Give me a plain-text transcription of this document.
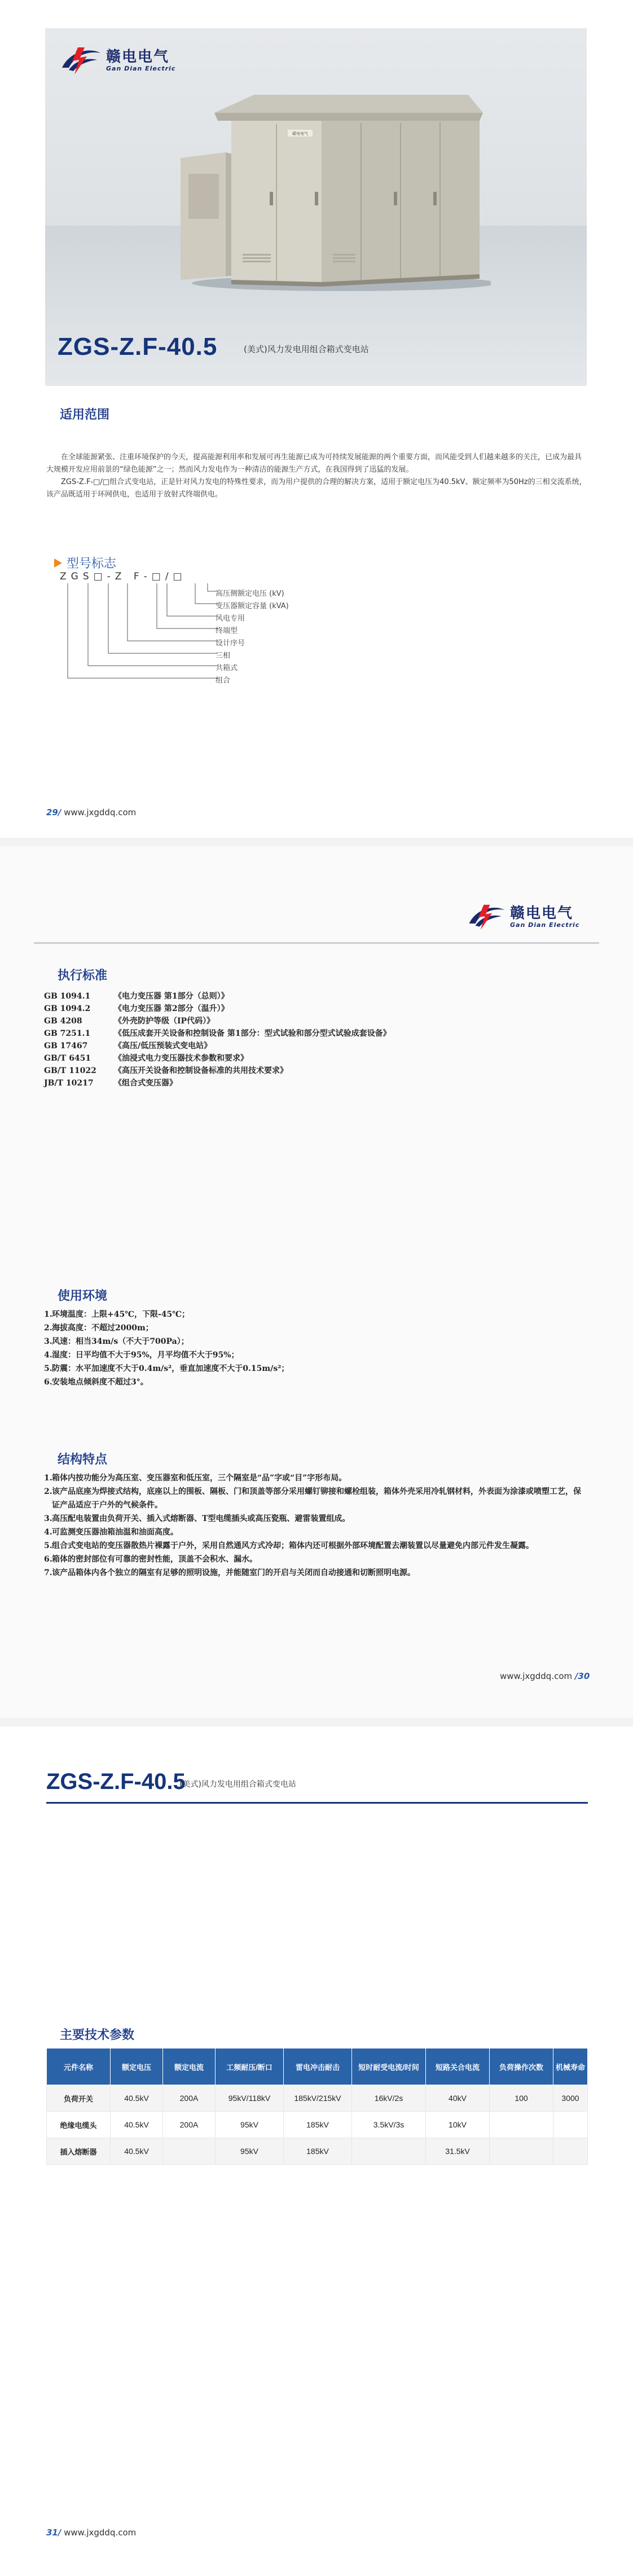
赣电电气
Gan Dian Electric
赣电电气
ZGS-Z.F-40.5	(美式)风力发电用组合箱式变电站
适用范围

在全球能源紧张、注重环境保护的今天，提高能源利用率和发展可再生能源已成为可持续发展能源的两个重要方面，而风能受到人们越来越多的关注，已成为最具大规模开发应用前景的“绿色能源”之一；然而风力发电作为一种清洁的能源生产方式，在我国得到了迅猛的发展。

ZGS-Z.F-□/□组合式变电站，正是针对风力发电的特殊性要求，而为用户提供的合理的解决方案，适用于额定电压为40.5kV、额定频率为50Hz的三相交流系统，该产品既适用于环网供电，也适用于放射式终端供电。

型号标志
ZGS□-Z F-□/□
高压侧额定电压 (kV)
变压器额定容量 (kVA)
风电专用
终端型
设计序号
三相
共箱式
组合
29/ www.jxgddq.com
赣电电气
Gan Dian Electric
执行标准
GB 1094.1	《电力变压器 第1部分（总则）》
GB 1094.2	《电力变压器 第2部分（温升）》
GB 4208	《外壳防护等级（IP代码）》
GB 7251.1	《低压成套开关设备和控制设备 第1部分：型式试验和部分型式试验成套设备》
GB 17467	《高压/低压预装式变电站》
GB/T 6451	《油浸式电力变压器技术参数和要求》
GB/T 11022	《高压开关设备和控制设备标准的共用技术要求》
JB/T 10217	《组合式变压器》
使用环境
1. 环境温度：上限+45℃，下限-45℃；
2. 海拔高度：不超过2000m；
3. 风速：相当34m/s（不大于700Pa）；
4. 湿度：日平均值不大于95%，月平均值不大于95%；
5. 防震：水平加速度不大于0.4m/s²，垂直加速度不大于0.15m/s²；
6. 安装地点倾斜度不超过3°。
结构特点
1. 箱体内按功能分为高压室、变压器室和低压室，三个隔室是“品”字或“目”字形布局。
2. 该产品底座为焊接式结构，底座以上的围板、隔板、门和顶盖等部分采用螺钉铆接和螺栓组装，箱体外壳采用冷轧钢材料，外表面为涂漆或喷塑工艺，保证产品适应于户外的气候条件。
3. 高压配电装置由负荷开关、插入式熔断器、T型电缆插头或高压瓷瓶、避雷装置组成。
4. 可监测变压器油箱油温和油面高度。
5. 组合式变电站的变压器散热片裸露于户外，采用自然通风方式冷却；箱体内还可根据外部环境配置去潮装置以尽量避免内部元件发生凝露。
6. 箱体的密封部位有可靠的密封性能，顶盖不会积水、漏水。
7. 该产品箱体内各个独立的隔室有足够的照明设施，并能随室门的开启与关闭而自动接通和切断照明电源。
www.jxgddq.com /30
ZGS-Z.F-40.5
(美式)风力发电用组合箱式变电站
主要技术参数
元件名称	额定电压	额定电流	工频耐压/断口	雷电冲击耐击	短时耐受电流/时间	短路关合电流	负荷操作次数	机械寿命
负荷开关	40.5kV	200A	95kV/118kV	185kV/215kV	16kV/2s	40kV	100	3000
绝缘电缆头	40.5kV	200A	95kV	185kV	3.5kV/3s	10kV		
插入熔断器	40.5kV		95kV	185kV		31.5kV		
31/ www.jxgddq.com
